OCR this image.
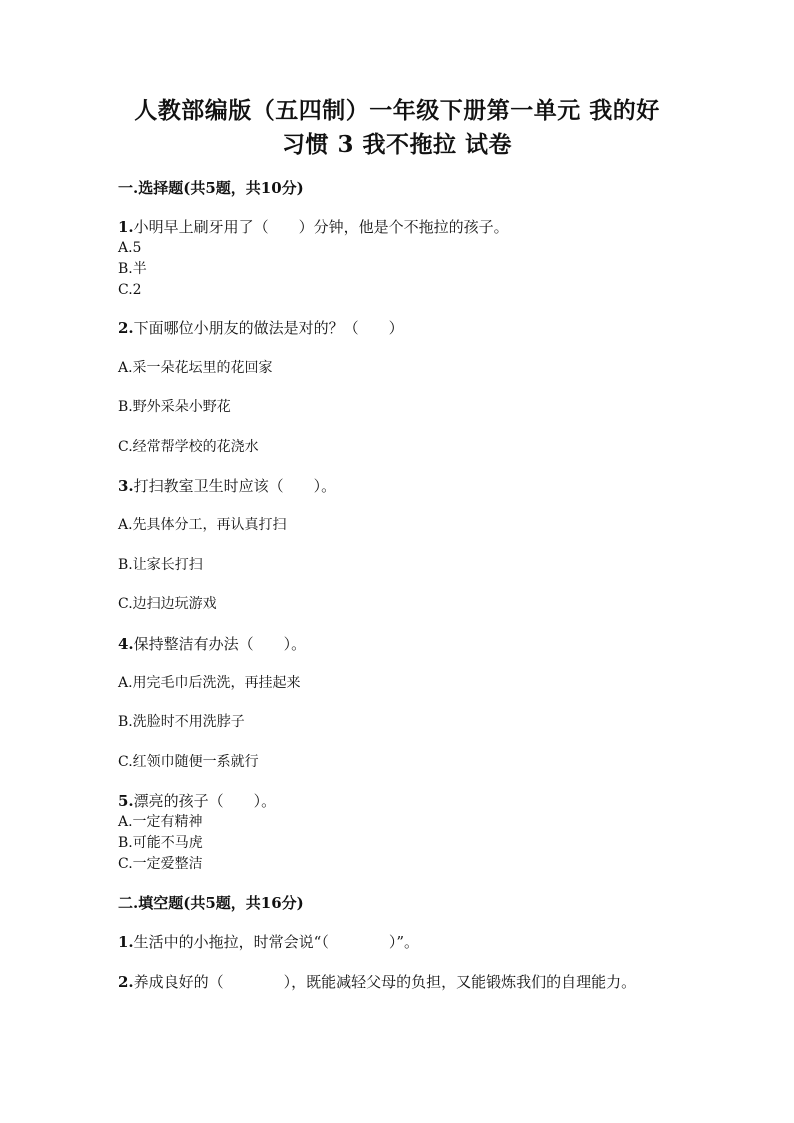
人教部编版（五四制）一年级下册第一单元 我的好
习惯 3 我不拖拉 试卷
一.选择题(共5题，共10分)
1.小明早上刷牙用了（　　）分钟，他是个不拖拉的孩子。
A.5
B.半
C.2
2.下面哪位小朋友的做法是对的？（　　）
A.采一朵花坛里的花回家
B.野外采朵小野花
C.经常帮学校的花浇水
3.打扫教室卫生时应该（　　）。
A.先具体分工，再认真打扫
B.让家长打扫
C.边扫边玩游戏
4.保持整洁有办法（　　）。
A.用完毛巾后洗洗，再挂起来
B.洗脸时不用洗脖子
C.红领巾随便一系就行
5.漂亮的孩子（　　）。
A.一定有精神
B.可能不马虎
C.一定爱整洁
二.填空题(共5题，共16分)
1.生活中的小拖拉，时常会说“（　　　　）”。
2.养成良好的（　　　　），既能减轻父母的负担，又能锻炼我们的自理能力。
